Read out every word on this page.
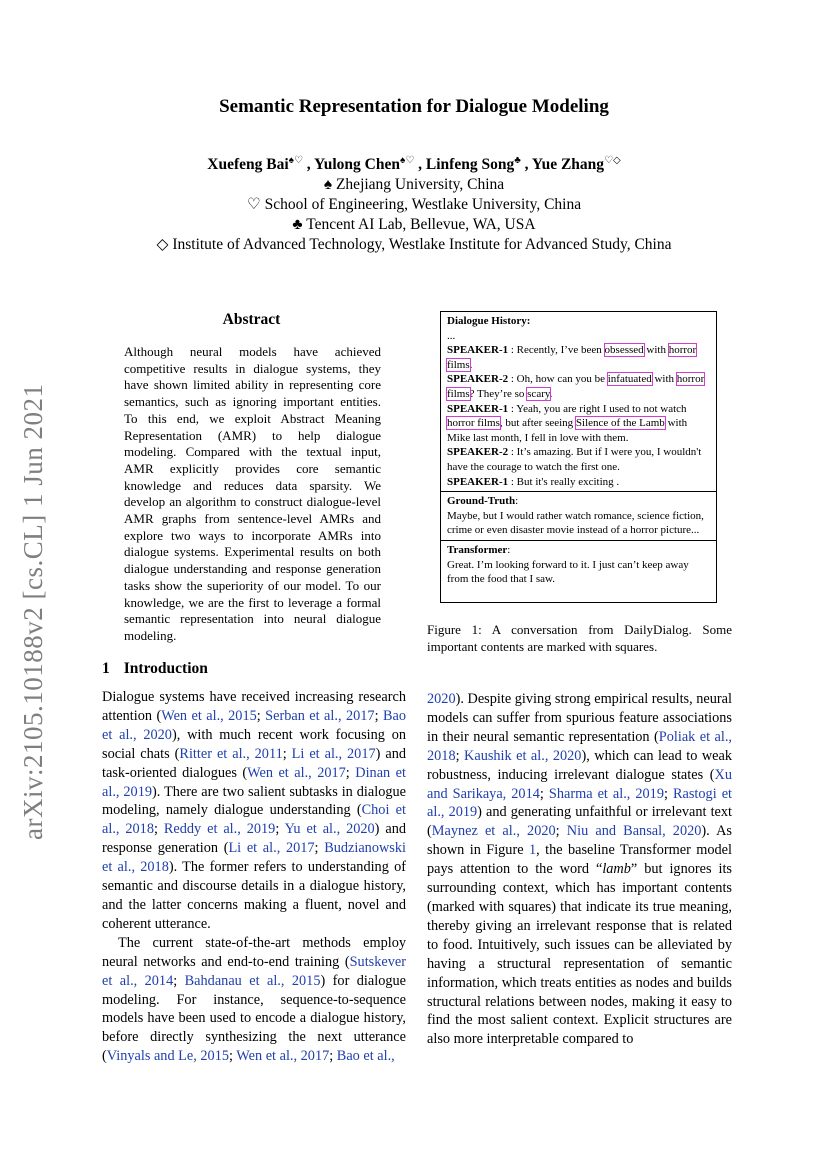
arXiv:2105.10188v2 [cs.CL] 1 Jun 2021
Semantic Representation for Dialogue Modeling
Xuefeng Bai♠♡ , Yulong Chen♠♡ , Linfeng Song♣ , Yue Zhang♡◇
♠ Zhejiang University, China
♡ School of Engineering, Westlake University, China
♣ Tencent AI Lab, Bellevue, WA, USA
◇ Institute of Advanced Technology, Westlake Institute for Advanced Study, China
Abstract
Although neural models have achieved competitive results in dialogue systems, they have shown limited ability in representing core semantics, such as ignoring important entities. To this end, we exploit Abstract Meaning Representation (AMR) to help dialogue modeling. Compared with the textual input, AMR explicitly provides core semantic knowledge and reduces data sparsity. We develop an algorithm to construct dialogue-level AMR graphs from sentence-level AMRs and explore two ways to incorporate AMRs into dialogue systems. Experimental results on both dialogue understanding and response generation tasks show the superiority of our model. To our knowledge, we are the first to leverage a formal semantic representation into neural dialogue modeling.
1 Introduction

Dialogue systems have received increasing research attention (Wen et al., 2015; Serban et al., 2017; Bao et al., 2020), with much recent work focusing on social chats (Ritter et al., 2011; Li et al., 2017) and task-oriented dialogues (Wen et al., 2017; Dinan et al., 2019). There are two salient subtasks in dialogue modeling, namely dialogue understanding (Choi et al., 2018; Reddy et al., 2019; Yu et al., 2020) and response generation (Li et al., 2017; Budzianowski et al., 2018). The former refers to understanding of semantic and discourse details in a dialogue history, and the latter concerns making a fluent, novel and coherent utterance.

The current state-of-the-art methods employ neural networks and end-to-end training (Sutskever et al., 2014; Bahdanau et al., 2015) for dialogue modeling. For instance, sequence-to-sequence models have been used to encode a dialogue history, before directly synthesizing the next utterance (Vinyals and Le, 2015; Wen et al., 2017; Bao et al.,

2020). Despite giving strong empirical results, neural models can suffer from spurious feature associations in their neural semantic representation (Poliak et al., 2018; Kaushik et al., 2020), which can lead to weak robustness, inducing irrelevant dialogue states (Xu and Sarikaya, 2014; Sharma et al., 2019; Rastogi et al., 2019) and generating unfaithful or irrelevant text (Maynez et al., 2020; Niu and Bansal, 2020). As shown in Figure 1, the baseline Transformer model pays attention to the word “lamb” but ignores its surrounding context, which has important contents (marked with squares) that indicate its true meaning, thereby giving an irrelevant response that is related to food. Intuitively, such issues can be alleviated by having a structural representation of semantic information, which treats entities as nodes and builds structural relations between nodes, making it easy to find the most salient context. Explicit structures are also more interpretable compared to

Dialogue History:
...
SPEAKER-1 : Recently, I’ve been obsessed with horror films.
SPEAKER-2 : Oh, how can you be infatuated with horror films? They’re so scary.
SPEAKER-1 : Yeah, you are right I used to not watch horror films, but after seeing Silence of the Lamb with Mike last month, I fell in love with them.
SPEAKER-2 : It’s amazing. But if I were you, I wouldn't have the courage to watch the first one.
SPEAKER-1 : But it's really exciting .
Ground-Truth:
Maybe, but I would rather watch romance, science fiction, crime or even disaster movie instead of a horror picture...
Transformer:
Great. I’m looking forward to it. I just can’t keep away from the food that I saw.
Figure 1: A conversation from DailyDialog. Some important contents are marked with squares.
